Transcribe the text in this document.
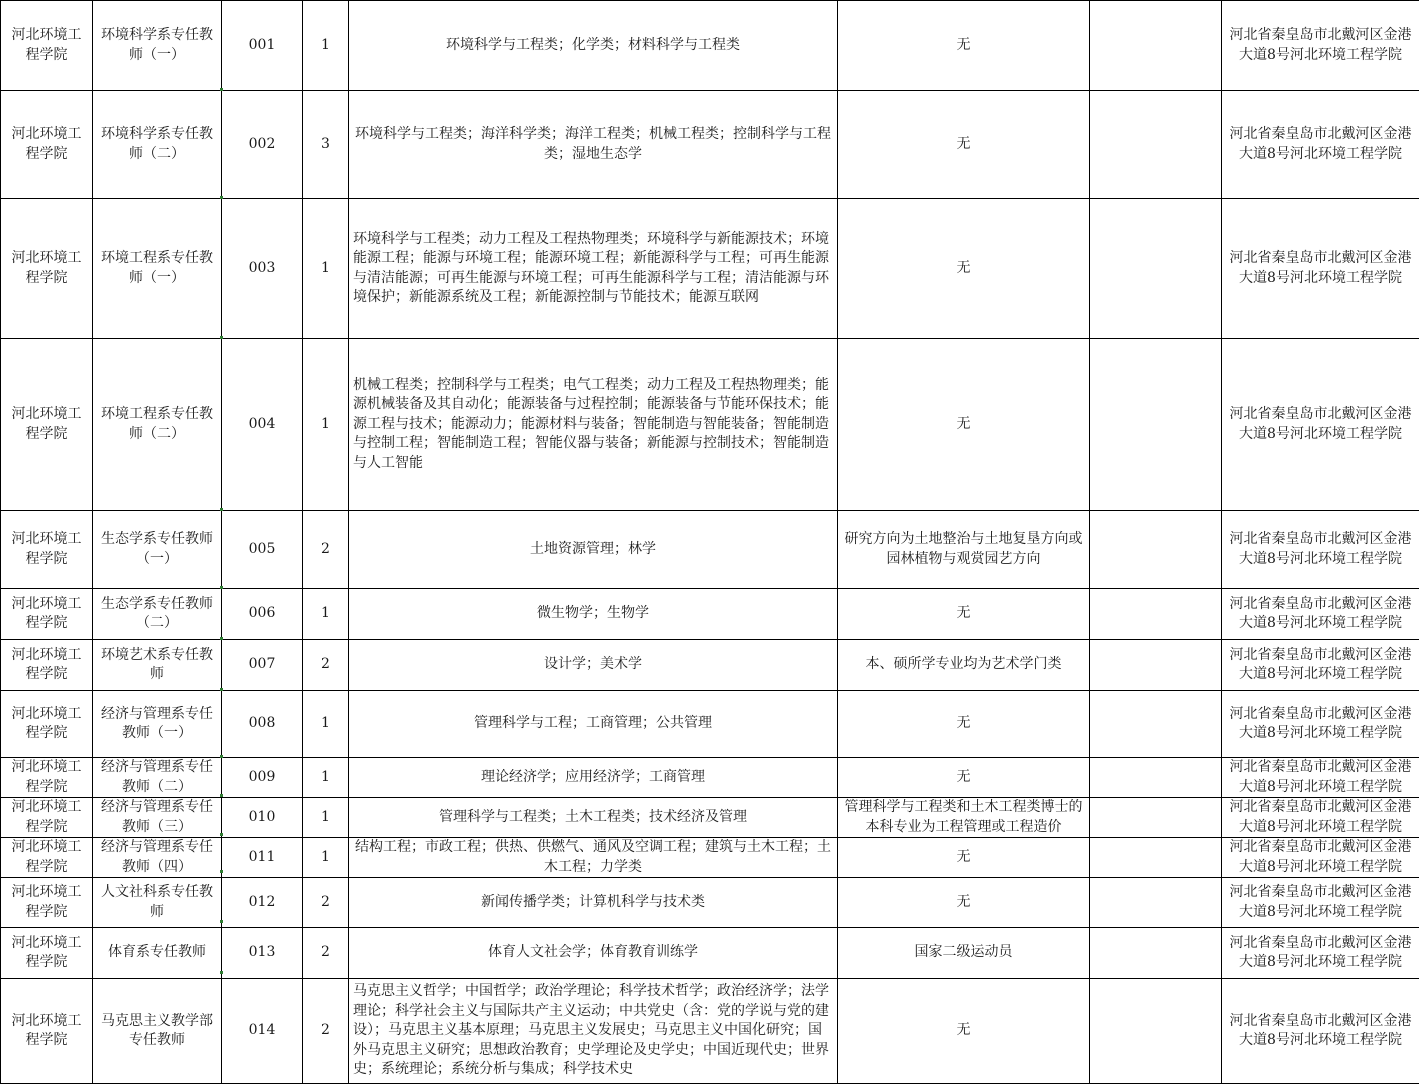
河北环境工程学院	环境科学系专任教师（一）	001	1	环境科学与工程类；化学类；材料科学与工程类	无		河北省秦皇岛市北戴河区金港大道8号河北环境工程学院
河北环境工程学院	环境科学系专任教师（二）	002	3	环境科学与工程类；海洋科学类；海洋工程类；机械工程类；控制科学与工程类；湿地生态学	无		河北省秦皇岛市北戴河区金港大道8号河北环境工程学院
河北环境工程学院	环境工程系专任教师（一）	003	1	环境科学与工程类；动力工程及工程热物理类；环境科学与新能源技术；环境能源工程；能源与环境工程；能源环境工程；新能源科学与工程；可再生能源与清洁能源；可再生能源与环境工程；可再生能源科学与工程；清洁能源与环境保护；新能源系统及工程；新能源控制与节能技术；能源互联网	无		河北省秦皇岛市北戴河区金港大道8号河北环境工程学院
河北环境工程学院	环境工程系专任教师（二）	004	1	机械工程类；控制科学与工程类；电气工程类；动力工程及工程热物理类；能源机械装备及其自动化；能源装备与过程控制；能源装备与节能环保技术；能源工程与技术；能源动力；能源材料与装备；智能制造与智能装备；智能制造与控制工程；智能制造工程；智能仪器与装备；新能源与控制技术；智能制造与人工智能	无		河北省秦皇岛市北戴河区金港大道8号河北环境工程学院
河北环境工程学院	生态学系专任教师（一）	005	2	土地资源管理；林学	研究方向为土地整治与土地复垦方向或园林植物与观赏园艺方向		河北省秦皇岛市北戴河区金港大道8号河北环境工程学院
河北环境工程学院	生态学系专任教师（二）	006	1	微生物学；生物学	无		河北省秦皇岛市北戴河区金港大道8号河北环境工程学院
河北环境工程学院	环境艺术系专任教师	007	2	设计学；美术学	本、硕所学专业均为艺术学门类		河北省秦皇岛市北戴河区金港大道8号河北环境工程学院
河北环境工程学院	经济与管理系专任教师（一）	008	1	管理科学与工程；工商管理；公共管理	无		河北省秦皇岛市北戴河区金港大道8号河北环境工程学院
河北环境工程学院	经济与管理系专任教师（二）	009	1	理论经济学；应用经济学；工商管理	无		河北省秦皇岛市北戴河区金港大道8号河北环境工程学院
河北环境工程学院	经济与管理系专任教师（三）	010	1	管理科学与工程类；土木工程类；技术经济及管理	管理科学与工程类和土木工程类博士的本科专业为工程管理或工程造价		河北省秦皇岛市北戴河区金港大道8号河北环境工程学院
河北环境工程学院	经济与管理系专任教师（四）	011	1	结构工程；市政工程；供热、供燃气、通风及空调工程；建筑与土木工程；土木工程；力学类	无		河北省秦皇岛市北戴河区金港大道8号河北环境工程学院
河北环境工程学院	人文社科系专任教师	012	2	新闻传播学类；计算机科学与技术类	无		河北省秦皇岛市北戴河区金港大道8号河北环境工程学院
河北环境工程学院	体育系专任教师	013	2	体育人文社会学；体育教育训练学	国家二级运动员		河北省秦皇岛市北戴河区金港大道8号河北环境工程学院
河北环境工程学院	马克思主义教学部专任教师	014	2	马克思主义哲学；中国哲学；政治学理论；科学技术哲学；政治经济学；法学理论；科学社会主义与国际共产主义运动；中共党史（含：党的学说与党的建设）；马克思主义基本原理；马克思主义发展史；马克思主义中国化研究；国外马克思主义研究；思想政治教育；史学理论及史学史；中国近现代史；世界史；系统理论；系统分析与集成；科学技术史	无		河北省秦皇岛市北戴河区金港大道8号河北环境工程学院
